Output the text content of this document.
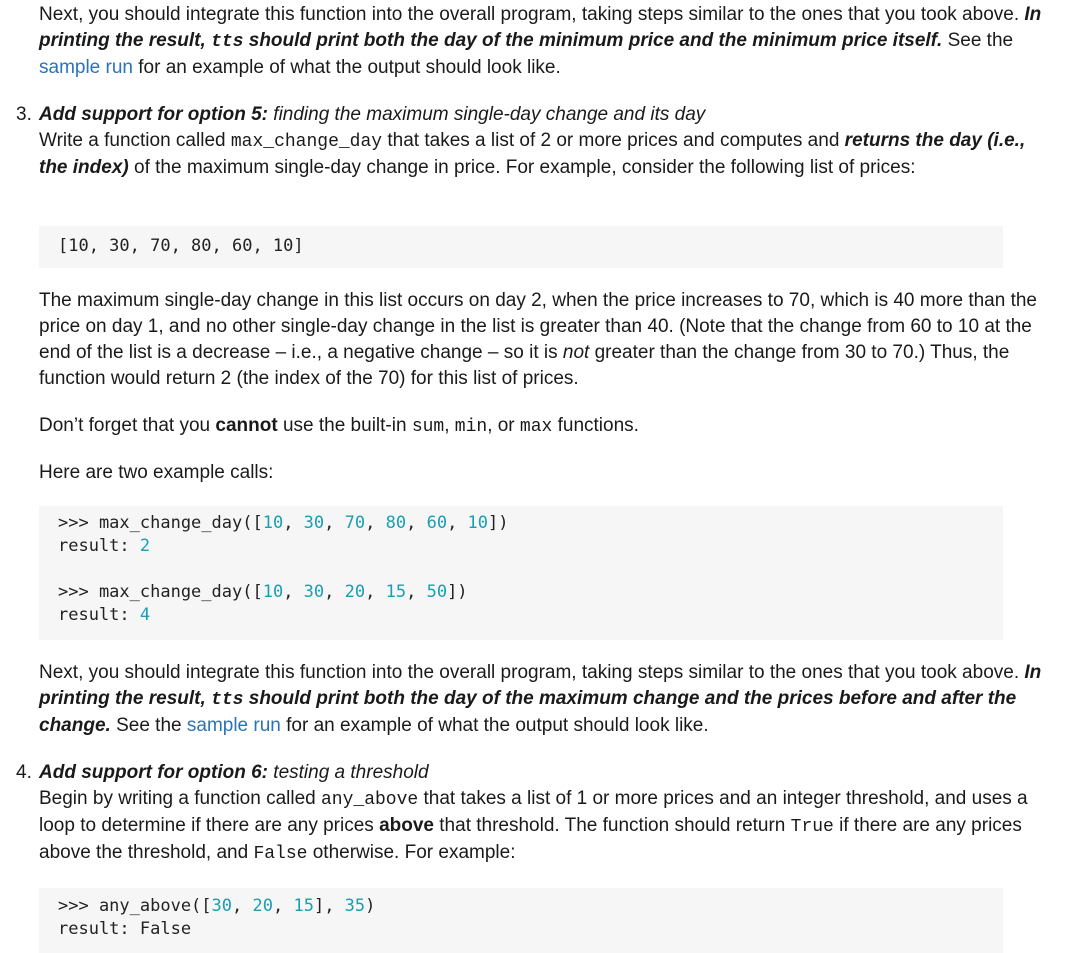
Next, you should integrate this function into the overall program, taking steps similar to the ones that you took above. In printing the result, tts should print both the day of the minimum price and the minimum price itself. See the sample run for an example of what the output should look like.

3. Add support for option 5: finding the maximum single-day change and its day

Write a function called max_change_day that takes a list of 2 or more prices and computes and returns the day (i.e., the index) of the maximum single-day change in price. For example, consider the following list of prices:

[10, 30, 70, 80, 60, 10]

The maximum single-day change in this list occurs on day 2, when the price increases to 70, which is 40 more than the price on day 1, and no other single-day change in the list is greater than 40. (Note that the change from 60 to 10 at the end of the list is a decrease – i.e., a negative change – so it is not greater than the change from 30 to 70.) Thus, the function would return 2 (the index of the 70) for this list of prices.

Don’t forget that you cannot use the built-in sum, min, or max functions.

Here are two example calls:

>>> max_change_day([10, 30, 70, 80, 60, 10])
result: 2

>>> max_change_day([10, 30, 20, 15, 50])
result: 4

Next, you should integrate this function into the overall program, taking steps similar to the ones that you took above. In printing the result, tts should print both the day of the maximum change and the prices before and after the change. See the sample run for an example of what the output should look like.

4. Add support for option 6: testing a threshold

Begin by writing a function called any_above that takes a list of 1 or more prices and an integer threshold, and uses a loop to determine if there are any prices above that threshold. The function should return True if there are any prices above the threshold, and False otherwise. For example:

>>> any_above([30, 20, 15], 35)
result: False
